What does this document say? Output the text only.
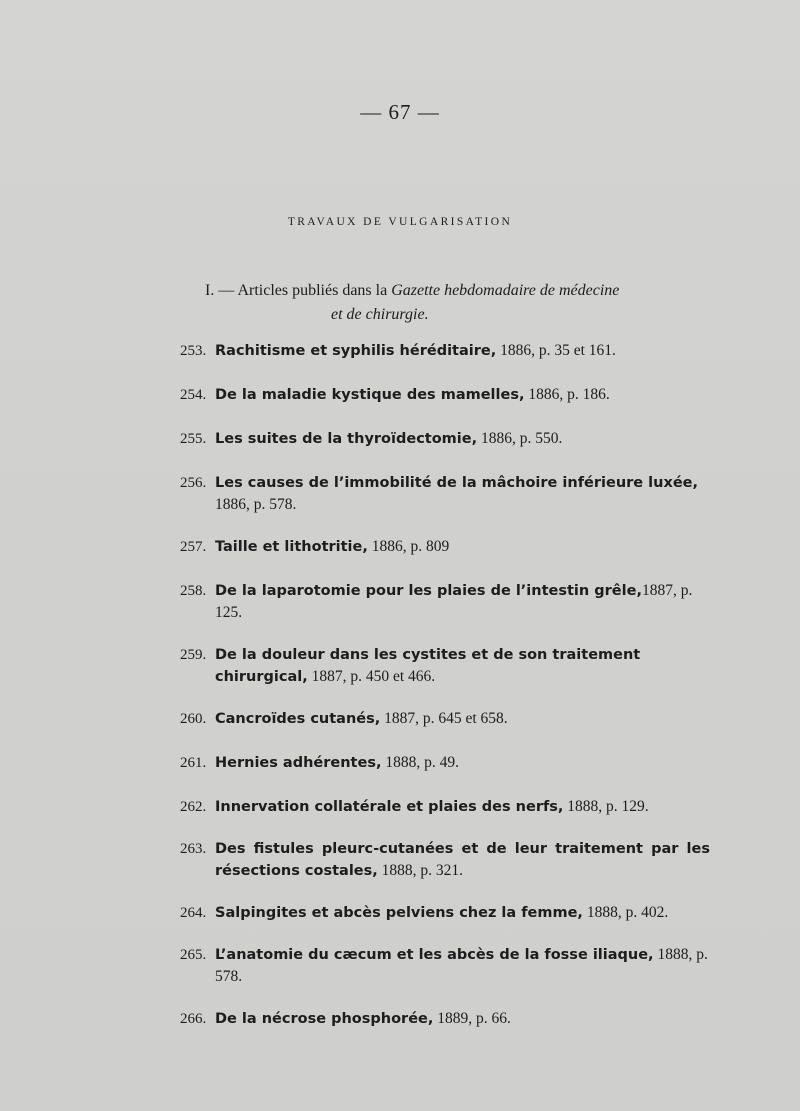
— 67 —
TRAVAUX DE VULGARISATION
I. — Articles publiés dans la Gazette hebdomadaire de médecine
et de chirurgie.
253. Rachitisme et syphilis héréditaire, 1886, p. 35 et 161.
254. De la maladie kystique des mamelles, 1886, p. 186.
255. Les suites de la thyroïdectomie, 1886, p. 550.
256. Les causes de l’immobilité de la mâchoire inférieure luxée, 1886, p. 578.
257. Taille et lithotritie, 1886, p. 809
258. De la laparotomie pour les plaies de l’intestin grêle,1887, p. 125.
259. De la douleur dans les cystites et de son traitement chirurgical, 1887, p. 450 et 466.
260. Cancroïdes cutanés, 1887, p. 645 et 658.
261. Hernies adhérentes, 1888, p. 49.
262. Innervation collatérale et plaies des nerfs, 1888, p. 129.
263. Des fistules pleurc-cutanées et de leur traitement par les résections costales, 1888, p. 321.
264. Salpingites et abcès pelviens chez la femme, 1888, p. 402.
265. L’anatomie du cæcum et les abcès de la fosse iliaque, 1888, p. 578.
266. De la nécrose phosphorée, 1889, p. 66.
